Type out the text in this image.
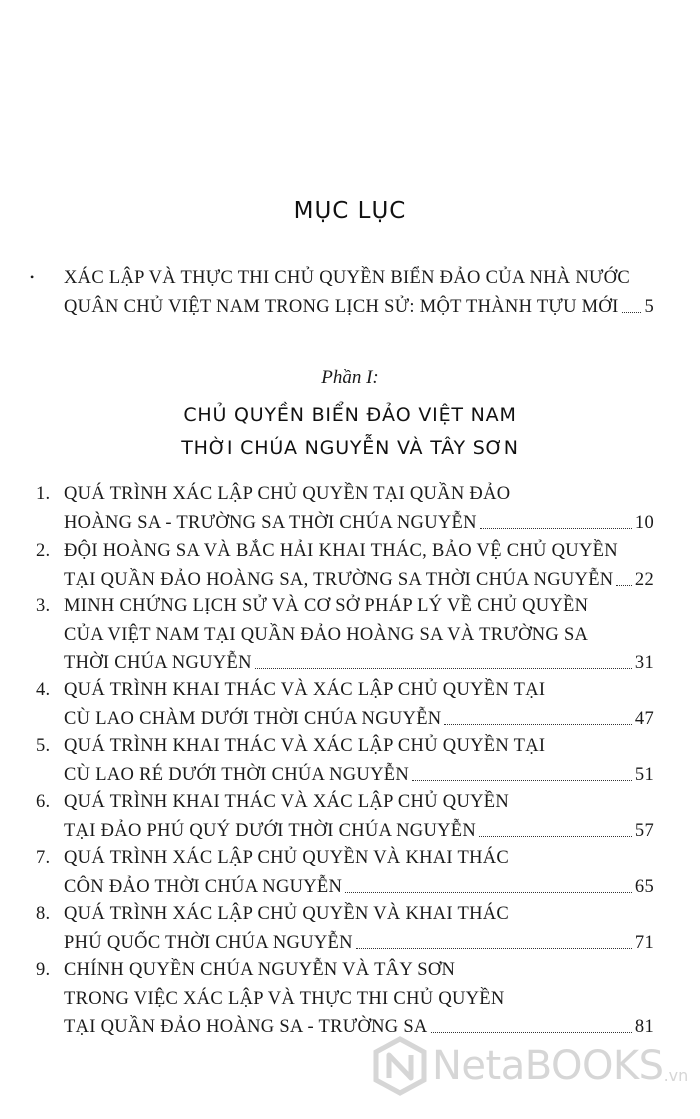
MỤC LỤC
• XÁC LẬP VÀ THỰC THI CHỦ QUYỀN BIỂN ĐẢO CỦA NHÀ NƯỚC
QUÂN CHỦ VIỆT NAM TRONG LỊCH SỬ: MỘT THÀNH TỰU MỚI 5
Phần I:
CHỦ QUYỀN BIỂN ĐẢO VIỆT NAM
THỜI CHÚA NGUYỄN VÀ TÂY SƠN
1. QUÁ TRÌNH XÁC LẬP CHỦ QUYỀN TẠI QUẦN ĐẢO
HOÀNG SA - TRƯỜNG SA THỜI CHÚA NGUYỄN	10
2. ĐỘI HOÀNG SA VÀ BẮC HẢI KHAI THÁC, BẢO VỆ CHỦ QUYỀN
TẠI QUẦN ĐẢO HOÀNG SA, TRƯỜNG SA THỜI CHÚA NGUYỄN 22
3. MINH CHỨNG LỊCH SỬ VÀ CƠ SỞ PHÁP LÝ VỀ CHỦ QUYỀN
CỦA VIỆT NAM TẠI QUẦN ĐẢO HOÀNG SA VÀ TRƯỜNG SA
THỜI CHÚA NGUYỄN	31
4. QUÁ TRÌNH KHAI THÁC VÀ XÁC LẬP CHỦ QUYỀN TẠI
CÙ LAO CHÀM DƯỚI THỜI CHÚA NGUYỄN	47
5. QUÁ TRÌNH KHAI THÁC VÀ XÁC LẬP CHỦ QUYỀN TẠI
CÙ LAO RÉ DƯỚI THỜI CHÚA NGUYỄN	51
6. QUÁ TRÌNH KHAI THÁC VÀ XÁC LẬP CHỦ QUYỀN
TẠI ĐẢO PHÚ QUÝ DƯỚI THỜI CHÚA NGUYỄN	57
7. QUÁ TRÌNH XÁC LẬP CHỦ QUYỀN VÀ KHAI THÁC
CÔN ĐẢO THỜI CHÚA NGUYỄN	65
8. QUÁ TRÌNH XÁC LẬP CHỦ QUYỀN VÀ KHAI THÁC
PHÚ QUỐC THỜI CHÚA NGUYỄN	71
9. CHÍNH QUYỀN CHÚA NGUYỄN VÀ TÂY SƠN
TRONG VIỆC XÁC LẬP VÀ THỰC THI CHỦ QUYỀN
TẠI QUẦN ĐẢO HOÀNG SA - TRƯỜNG SA	81
NetaBOOKS .vn
